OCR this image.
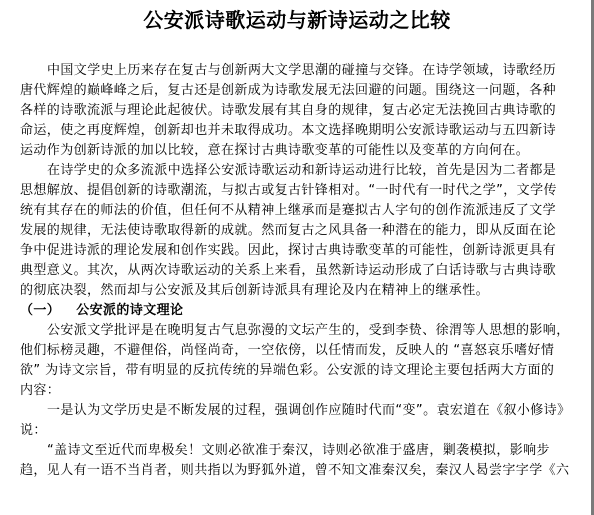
公安派诗歌运动与新诗运动之比较
中国文学史上历来存在复古与创新两大文学思潮的碰撞与交锋。在诗学领域，诗歌经历
唐代辉煌的巅峰峰之后，复古还是创新成为诗歌发展无法回避的问题。围绕这一问题，各种
各样的诗歌流派与理论此起彼伏。诗歌发展有其自身的规律，复古必定无法挽回古典诗歌的
命运，使之再度辉煌，创新却也并未取得成功。本文选择晚期明公安派诗歌运动与五四新诗
运动作为创新诗派的加以比较，意在探讨古典诗歌变革的可能性以及变革的方向何在。
在诗学史的众多流派中选择公安派诗歌运动和新诗运动进行比较，首先是因为二者都是
思想解放、提倡创新的诗歌潮流，与拟古或复古针锋相对。“一时代有一时代之学”，文学传
统有其存在的师法的价值，但任何不从精神上继承而是蹇拟古人字句的创作流派违反了文学
发展的规律，无法使诗歌取得新的成就。然而复古之风具备一种潜在的能力，即从反面在论
争中促进诗派的理论发展和创作实践。因此，探讨古典诗歌变革的可能性，创新诗派更具有
典型意义。其次，从两次诗歌运动的关系上来看，虽然新诗运动形成了白话诗歌与古典诗歌
的彻底决裂，然而却与公安派及其后创新诗派具有理论及内在精神上的继承性。
（一） 公安派的诗文理论
公安派文学批评是在晚明复古气息弥漫的文坛产生的，受到李贽、徐渭等人思想的影响，
他们标榜灵趣，不避俚俗，尚怪尚奇，一空依傍，以任情而发，反映人的 “喜怒哀乐嗜好情
欲” 为诗文宗旨，带有明显的反抗传统的异端色彩。公安派的诗文理论主要包括两大方面的
内容：
一是认为文学历史是不断发展的过程，强调创作应随时代而“变”。袁宏道在《叙小修诗》
说：
“盖诗文至近代而卑极矣！文则必欲准于秦汉，诗则必欲准于盛唐，剿袭模拟，影响步
趋，见人有一语不当肖者，则共指以为野狐外道，曾不知文准秦汉矣，秦汉人曷尝字字学《六
